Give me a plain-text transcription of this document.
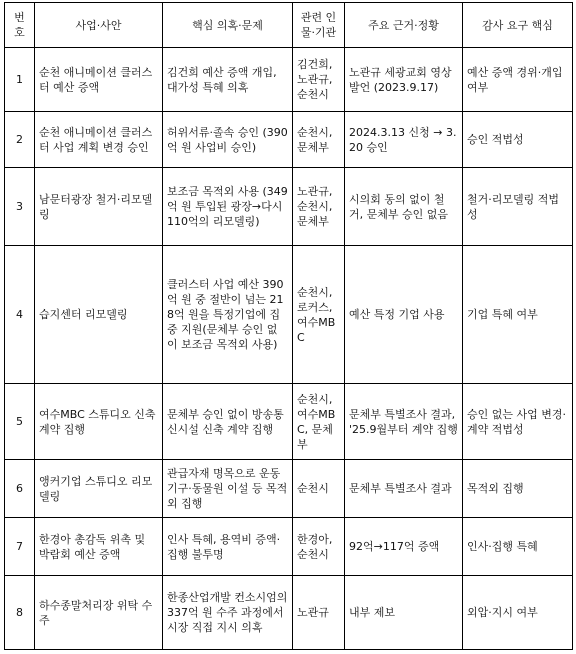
번호	사업·사안	핵심 의혹·문제	관련 인물·기관	주요 근거·정황	감사 요구 핵심
1	순천 애니메이션 클러스터 예산 증액	김건희 예산 증액 개입, 대가성 특혜 의혹	김건희, 노관규, 순천시	노관규 세광교회 영상 발언 (2023.9.17)	예산 증액 경위·개입 여부
2	순천 애니메이션 클러스터 사업 계획 변경 승인	허위서류·졸속 승인 (390억 원 사업비 승인)	순천시, 문체부	2024.3.13 신청 → 3.20 승인	승인 적법성
3	남문터광장 철거·리모델링	보조금 목적외 사용 (349억 원 투입된 광장→다시 110억의 리모델링)	노관규, 순천시, 문체부	시의회 동의 없이 철거, 문체부 승인 없음	철거·리모델링 적법성
4	습지센터 리모델링	클러스터 사업 예산 390억 원 중 절반이 넘는 218억 원을 특정기업에 집중 지원(문체부 승인 없이 보조금 목적외 사용)	순천시, 로커스, 여수MBC	예산 특정 기업 사용	기업 특혜 여부
5	여수MBC 스튜디오 신축 계약 집행	문체부 승인 없이 방송통신시설 신축 계약 집행	순천시, 여수MBC, 문체부	문체부 특별조사 결과, '25.9월부터 계약 집행	승인 없는 사업 변경·계약 적법성
6	앵커기업 스튜디오 리모델링	관급자재 명목으로 운동기구·동물원 이설 등 목적외 집행	순천시	문체부 특별조사 결과	목적외 집행
7	한경아 총감독 위촉 및 박람회 예산 증액	인사 특혜, 용역비 증액·집행 불투명	한경아, 순천시	92억→117억 증액	인사·집행 특혜
8	하수종말처리장 위탁 수주	한종산업개발 컨소시엄의 337억 원 수주 과정에서 시장 직접 지시 의혹	노관규	내부 제보	외압·지시 여부
